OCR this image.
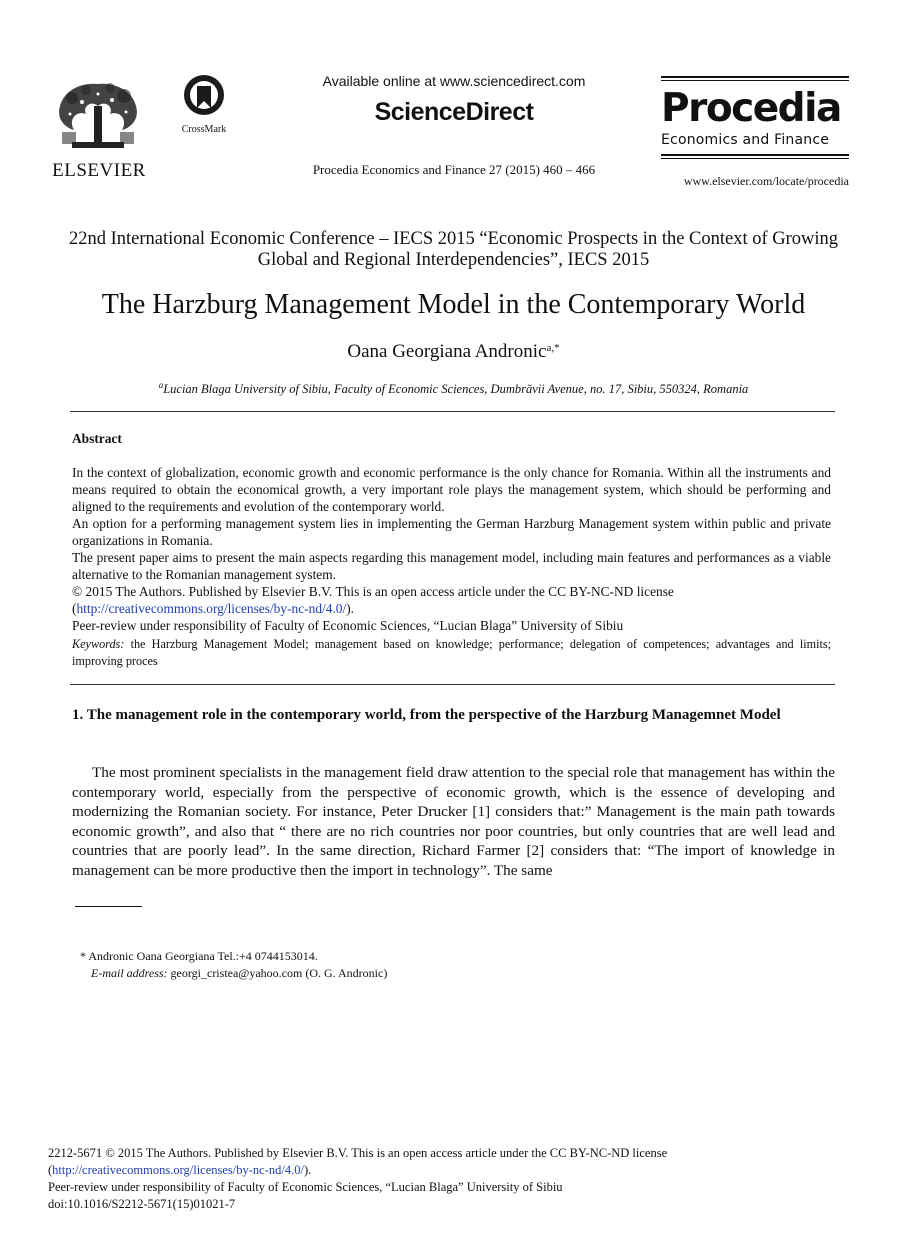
ELSEVIER
CrossMark
Available online at www.sciencedirect.com
ScienceDirect
Procedia Economics and Finance 27 (2015) 460 – 466
Procedia
Economics and Finance
www.elsevier.com/locate/procedia
22nd International Economic Conference – IECS 2015 “Economic Prospects in the Context of Growing Global and Regional Interdependencies”, IECS 2015
The Harzburg Management Model in the Contemporary World
Oana Georgiana Andronic$^{a,*}$
$^a$Lucian Blaga University of Sibiu, Faculty of Economic Sciences, Dumbrăvii Avenue, no. 17, Sibiu, 550324, Romania
Abstract
In the context of globalization, economic growth and economic performance is the only chance for Romania. Within all the instruments and means required to obtain the economical growth, a very important role plays the management system, which should be performing and aligned to the requirements and evolution of the contemporary world.
An option for a performing management system lies in implementing the German Harzburg Management system within public and private organizations in Romania.
The present paper aims to present the main aspects regarding this management model, including main features and performances as a viable alternative to the Romanian management system.
© 2015 The Authors. Published by Elsevier B.V. This is an open access article under the CC BY-NC-ND license
(http://creativecommons.org/licenses/by-nc-nd/4.0/).
Peer-review under responsibility of Faculty of Economic Sciences, “Lucian Blaga” University of Sibiu
Keywords: the Harzburg Management Model; management based on knowledge; performance; delegation of competences; advantages and limits; improving proces
1. The management role in the contemporary world, from the perspective of the Harzburg Managemnet Model
The most prominent specialists in the management field draw attention to the special role that management has within the contemporary world, especially from the perspective of economic growth, which is the essence of developing and modernizing the Romanian society. For instance, Peter Drucker [1] considers that:” Management is the main path towards economic growth”, and also that “ there are no rich countries nor poor countries, but only countries that are well lead and countries that are poorly lead”. In the same direction, Richard Farmer [2] considers that: “The import of knowledge in management can be more productive then the import in technology”. The same
* Andronic Oana Georgiana Tel.:+4 0744153014.
E-mail address: georgi_cristea@yahoo.com (O. G. Andronic)
2212-5671 © 2015 The Authors. Published by Elsevier B.V. This is an open access article under the CC BY-NC-ND license
(http://creativecommons.org/licenses/by-nc-nd/4.0/).
Peer-review under responsibility of Faculty of Economic Sciences, “Lucian Blaga” University of Sibiu
doi:10.1016/S2212-5671(15)01021-7
